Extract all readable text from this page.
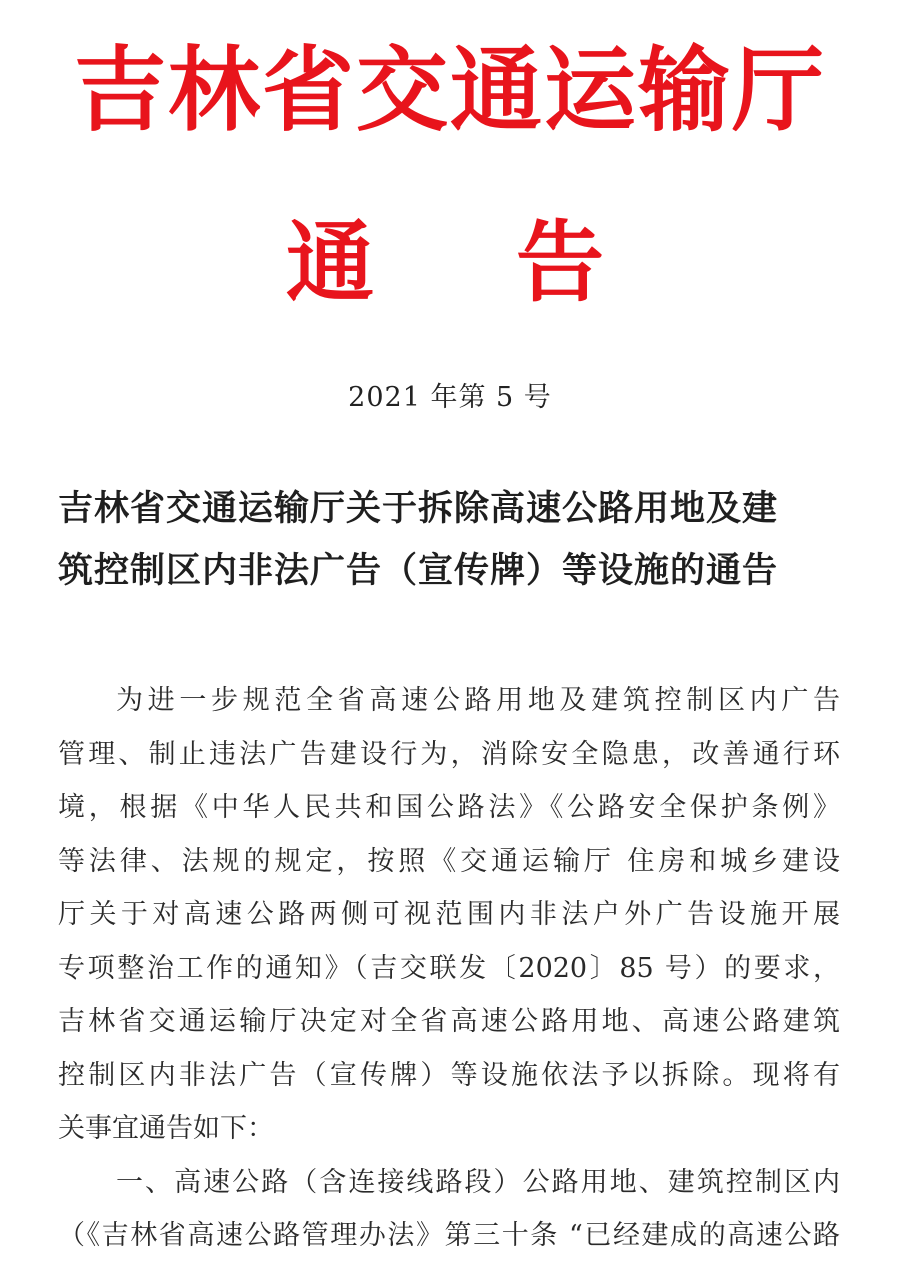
吉林省交通运输厅
通 告
2021 年第 5 号
吉林省交通运输厅关于拆除高速公路用地及建
筑控制区内非法广告（宣传牌）等设施的通告
为进一步规范全省高速公路用地及建筑控制区内广告
管理、制止违法广告建设行为，消除安全隐患，改善通行环
境，根据《中华人民共和国公路法》《公路安全保护条例》
等法律、法规的规定，按照《交通运输厅 住房和城乡建设
厅关于对高速公路两侧可视范围内非法户外广告设施开展
专项整治工作的通知》（吉交联发〔2020〕85 号）的要求，
吉林省交通运输厅决定对全省高速公路用地、高速公路建筑
控制区内非法广告（宣传牌）等设施依法予以拆除。现将有
关事宜通告如下：
一、高速公路（含连接线路段）公路用地、建筑控制区内
（《吉林省高速公路管理办法》第三十条 “已经建成的高速公路
